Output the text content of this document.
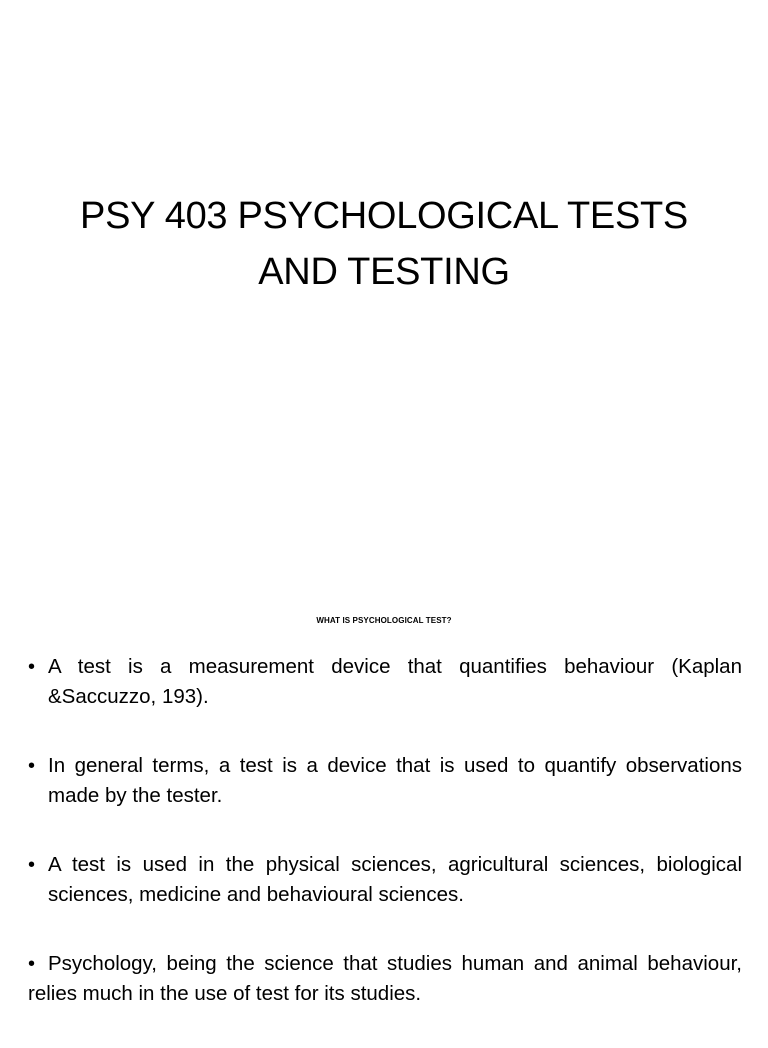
PSY 403 PSYCHOLOGICAL TESTS
AND TESTING
WHAT IS PSYCHOLOGICAL TEST?
• A test is a measurement device that quantifies behaviour (Kaplan &Saccuzzo, 193).
• In general terms, a test is a device that is used to quantify observations made by the tester.
• A test is used in the physical sciences, agricultural sciences, biological sciences, medicine and behavioural sciences.
• Psychology, being the science that studies human and animal behaviour, relies much in the use of test for its studies.
